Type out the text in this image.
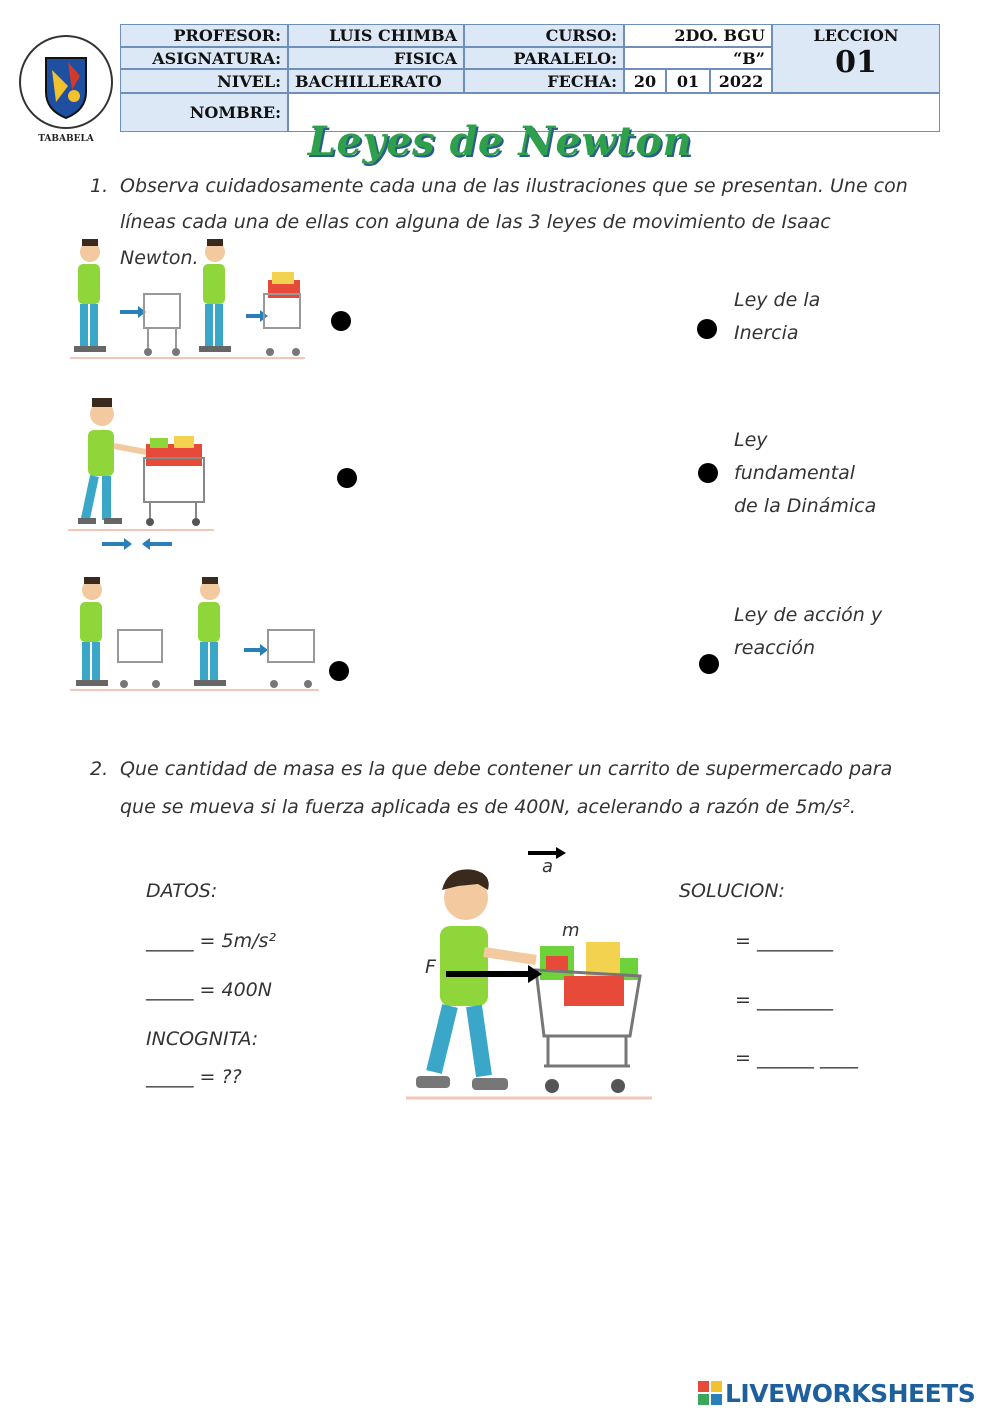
TABABELA
PROFESOR:	LUIS CHIMBA	CURSO:	2DO. BGU
ASIGNATURA:	FISICA	PARALELO:	“B”
NIVEL: BACHILLERATO	FECHA:	20	01	2022
LECCION
01
NOMBRE:
Leyes de Newton
1. Observa cuidadosamente cada una de las ilustraciones que se presentan. Une con líneas cada una de ellas con alguna de las 3 leyes de movimiento de Isaac Newton.
Ley de la
Inercia
Ley
fundamental
de la Dinámica
Ley de acción y
reacción
2. Que cantidad de masa es la que debe contener un carrito de supermercado para que se mueva si la fuerza aplicada es de 400N, acelerando a razón de 5m/s².
DATOS:
_____ = 5m/s²
_____ = 400N
INCOGNITA:
_____ = ??
SOLUCION:
= ________
= ________
= ______ ____
a
m
F
LIVEWORKSHEETS
